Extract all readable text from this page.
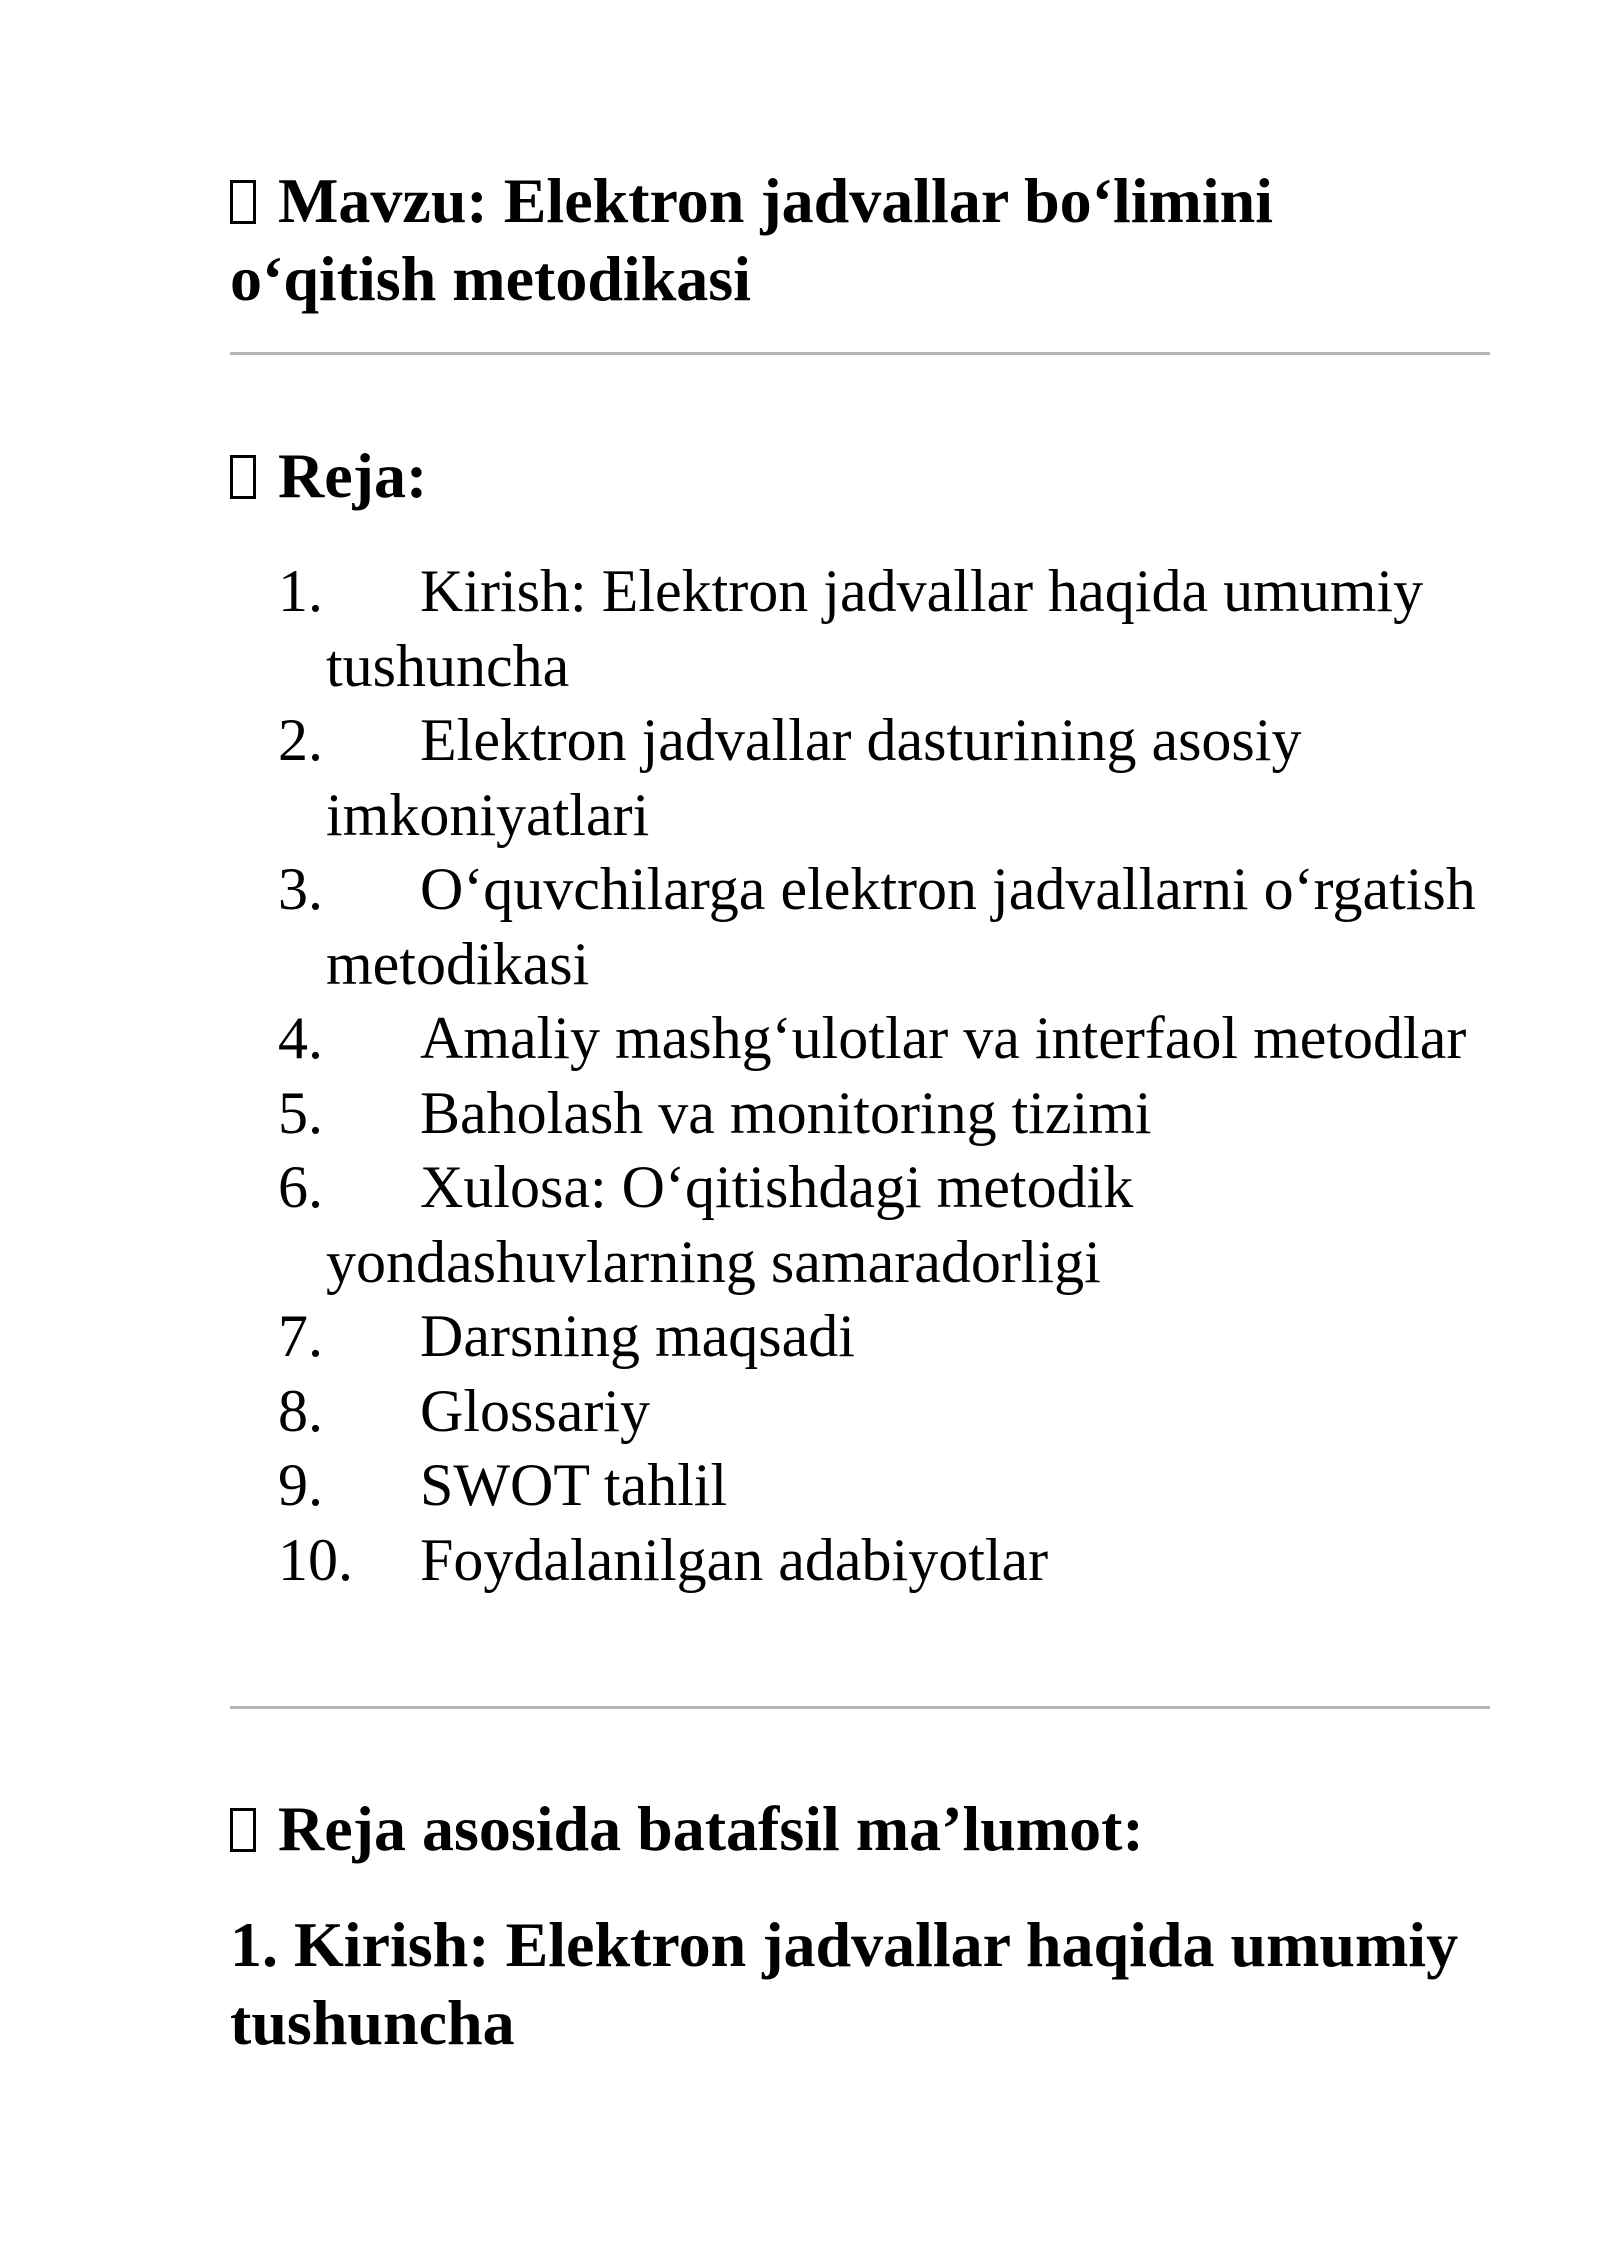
Mavzu: Elektron jadvallar bo‘limini o‘qitish metodikasi
Reja:
1.	Kirish: Elektron jadvallar haqida umumiy tushuncha
2.	Elektron jadvallar dasturining asosiy imkoniyatlari
3.	O‘quvchilarga elektron jadvallarni o‘rgatish metodikasi
4.	Amaliy mashg‘ulotlar va interfaol metodlar
5.	Baholash va monitoring tizimi
6.	Xulosa: O‘qitishdagi metodik yondashuvlarning samaradorligi
7.	Darsning maqsadi
8.	Glossariy
9.	SWOT tahlil
10.	Foydalanilgan adabiyotlar
Reja asosida batafsil ma’lumot:
1. Kirish: Elektron jadvallar haqida umumiy tushuncha
